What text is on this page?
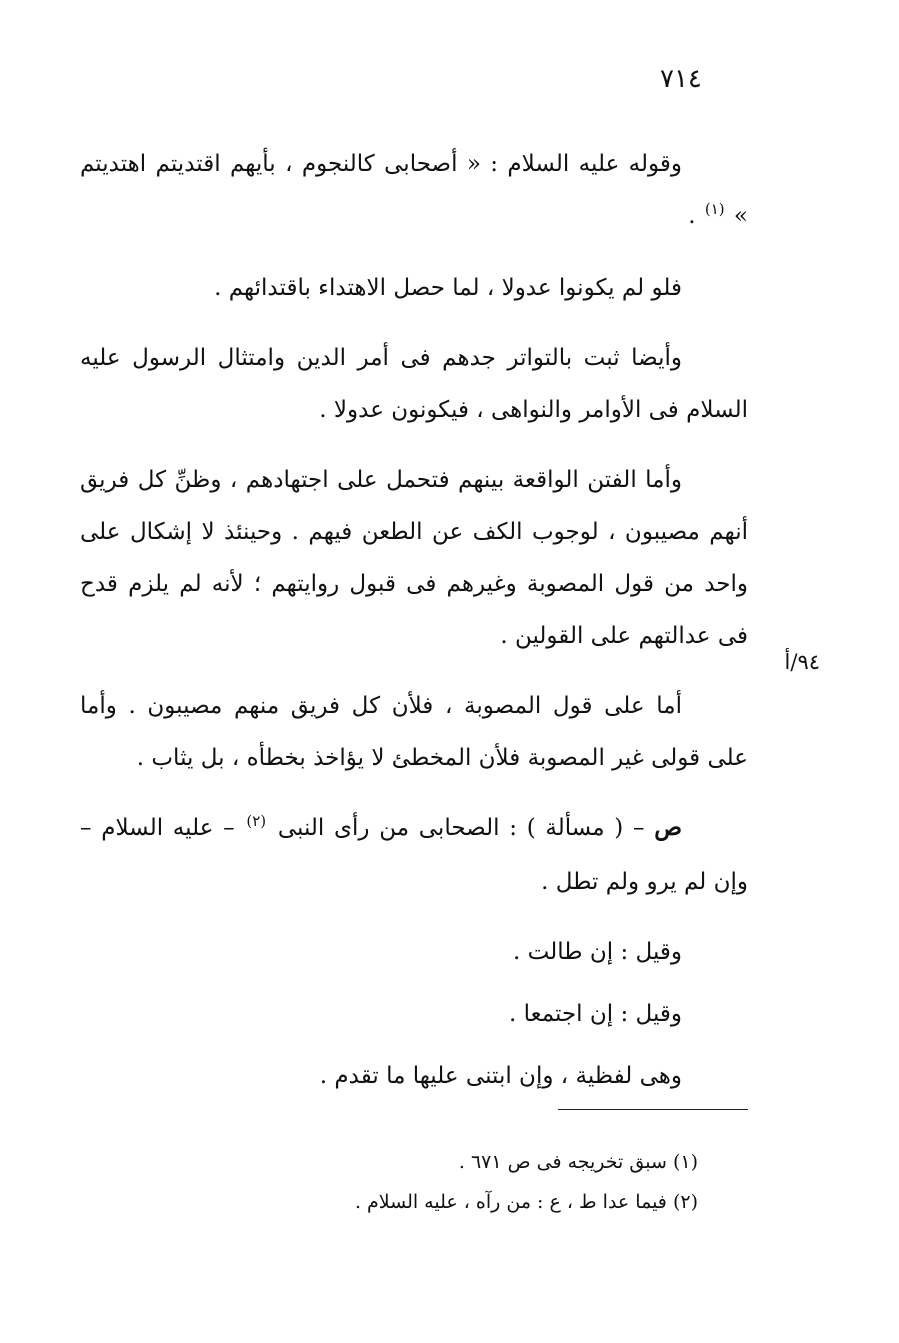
٧١٤
٩٤/أ

وقوله عليه السلام : « أصحابى كالنجوم ، بأيهم اقتديتم اهتديتم » $^{(١)}$ .

فلو لم يكونوا عدولا ، لما حصل الاهتداء باقتدائهم .

وأيضا ثبت بالتواتر جدهم فى أمر الدين وامتثال الرسول عليه السلام فى الأوامر والنواهى ، فيكونون عدولا .

وأما الفتن الواقعة بينهم فتحمل على اجتهادهم ، وظنِّ كل فريق أنهم مصيبون ، لوجوب الكف عن الطعن فيهم . وحينئذ لا إشكال على واحد من قول المصوبة وغيرهم فى قبول روايتهم ؛ لأنه لم يلزم قدح فى عدالتهم على القولين .

أما على قول المصوبة ، فلأن كل فريق منهم مصيبون . وأما على قولى غير المصوبة فلأن المخطئ لا يؤاخذ بخطأه ، بل يثاب .

ص – ( مسألة ) : الصحابى من رأى النبى $^{(٢)}$ – عليه السلام – وإن لم يرو ولم تطل .

وقيل : إن طالت .

وقيل : إن اجتمعا .

وهى لفظية ، وإن ابتنى عليها ما تقدم .

(١) سبق تخريجه فى ص ٦٧١ .

(٢) فيما عدا ط ، ع : من رآه ، عليه السلام .
